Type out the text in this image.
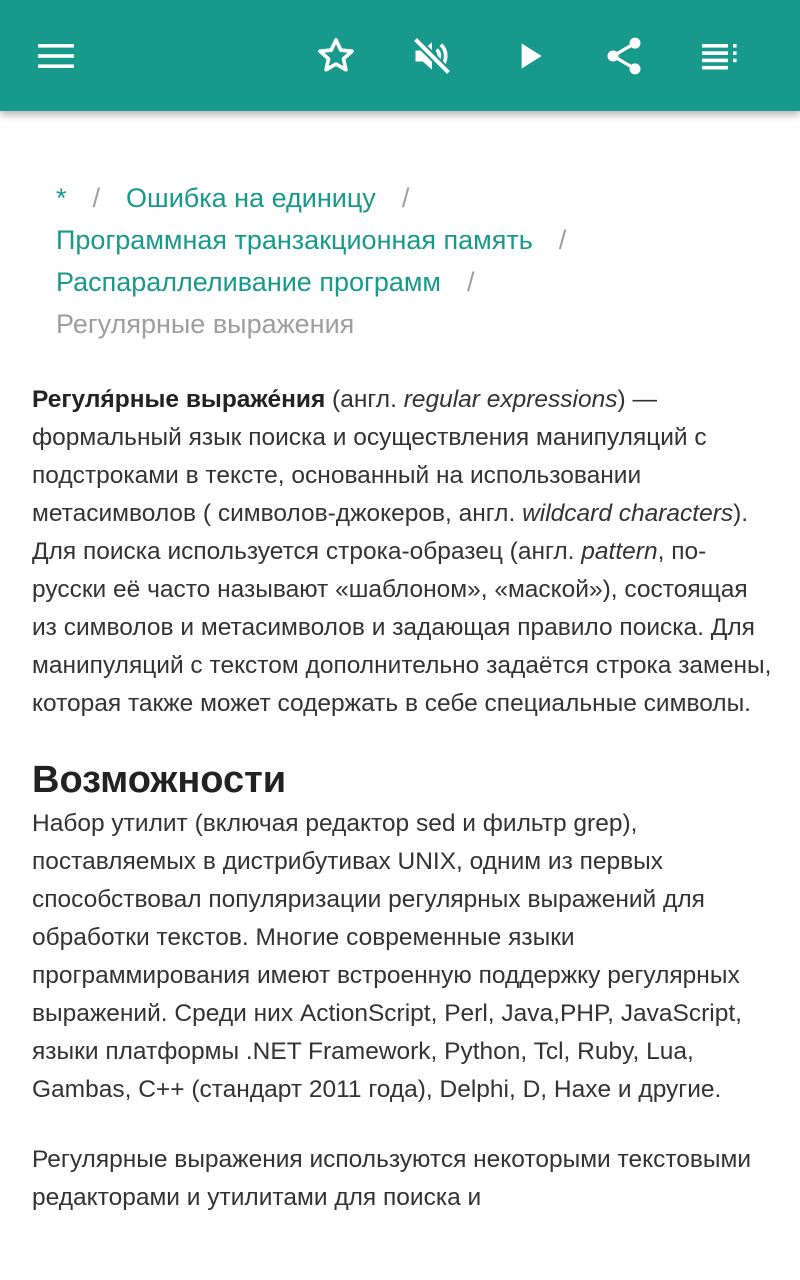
* / Ошибка на единицу /
Программная транзакционная память /
Распараллеливание программ /
Регулярные выражения

Регуля́рные выраже́ния (англ. regular expressions) — формальный язык поиска и осуществления манипуляций с подстроками в тексте, основанный на использовании метасимволов ( символов-джокеров, англ. wildcard characters). Для поиска используется строка-образец (англ. pattern, по-русски её часто называют «шаблоном», «маской»), состоящая из символов и метасимволов и задающая правило поиска. Для манипуляций с текстом дополнительно задаётся строка замены, которая также может содержать в себе специальные символы.

Возможности

Набор утилит (включая редактор sed и фильтр grep), поставляемых в дистрибутивах UNIX, одним из первых способствовал популяризации регулярных выражений для обработки текстов. Многие современные языки программирования имеют встроенную поддержку регулярных выражений. Среди них ActionScript, Perl, Java,PHP, JavaScript, языки платформы .NET Framework, Python, Tcl, Ruby, Lua, Gambas, C++ (стандарт 2011 года), Delphi, D, Haxe и другие.

Регулярные выражения используются некоторыми текстовыми редакторами и утилитами для поиска и
